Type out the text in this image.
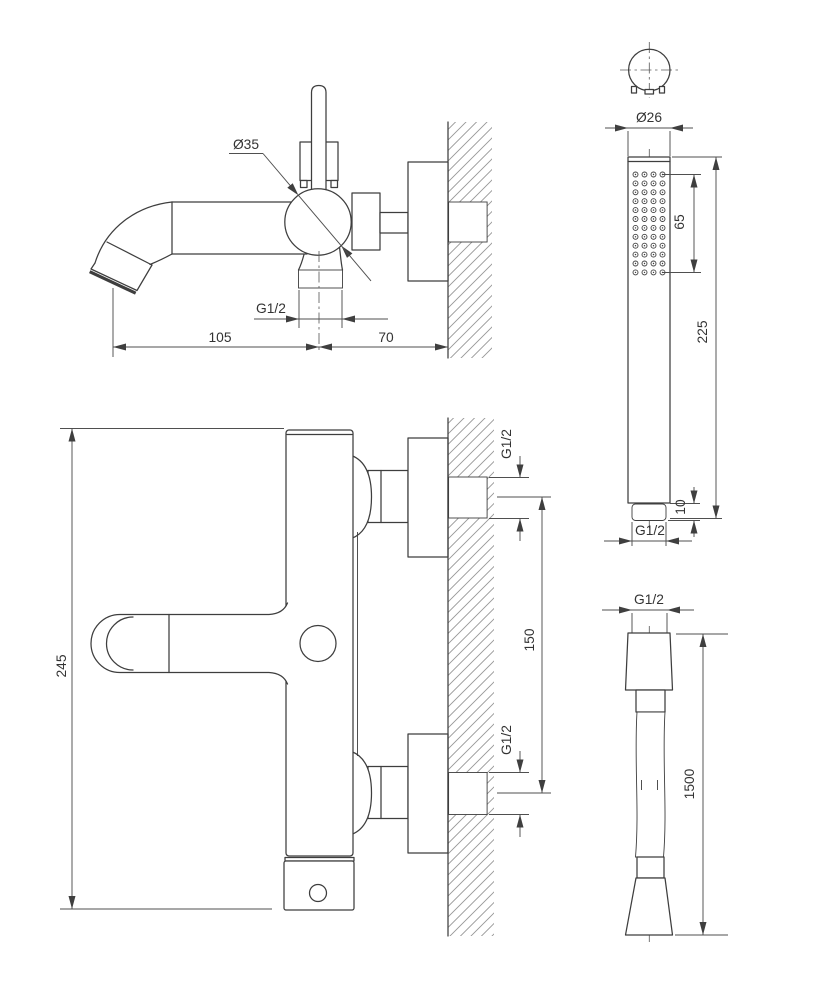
Ø35
G1/2
105	70
245
G1/2
150
G1/2
Ø26
65
225
10
G1/2
G1/2
1500
